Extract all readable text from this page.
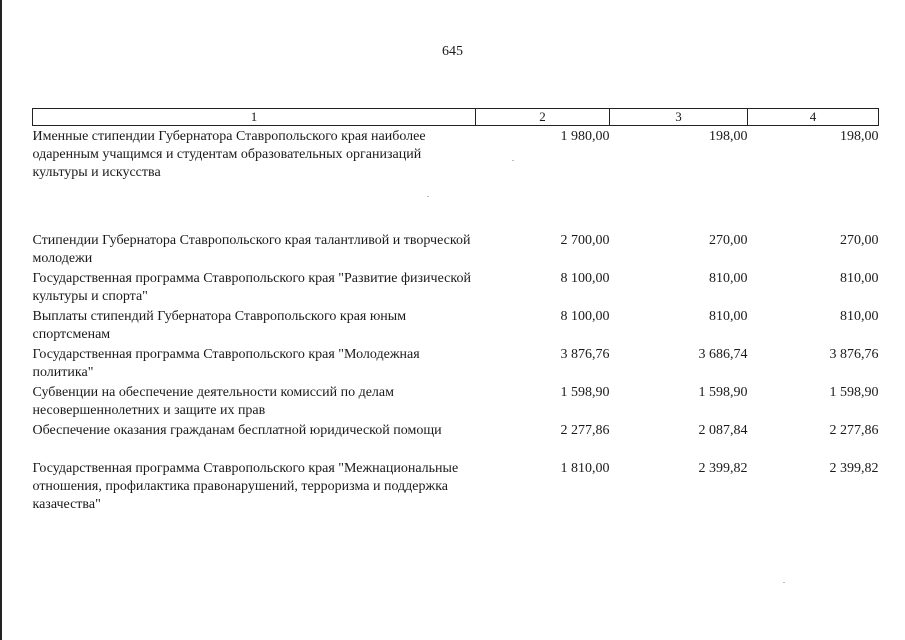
645
1	2	3	4
Именные стипендии Губернатора Ставропольского края наиболее одаренным учащимся и студентам образовательных организаций культуры и искусства	1 980,00	198,00	198,00
Стипендии Губернатора Ставропольского края талантливой и творческой молодежи	2 700,00	270,00	270,00
Государственная программа Ставропольского края "Развитие физической культуры и спорта"	8 100,00	810,00	810,00
Выплаты стипендий Губернатора Ставропольского края юным спортсменам	8 100,00	810,00	810,00
Государственная программа Ставропольского края "Молодежная политика"	3 876,76	3 686,74	3 876,76
Субвенции на обеспечение деятельности комиссий по делам несовершеннолетних и защите их прав	1 598,90	1 598,90	1 598,90
Обеспечение оказания гражданам бесплатной юридической помощи	2 277,86	2 087,84	2 277,86
Государственная программа Ставропольского края "Межнациональные отношения, профилактика правонарушений, терроризма и поддержка казачества"	1 810,00	2 399,82	2 399,82
